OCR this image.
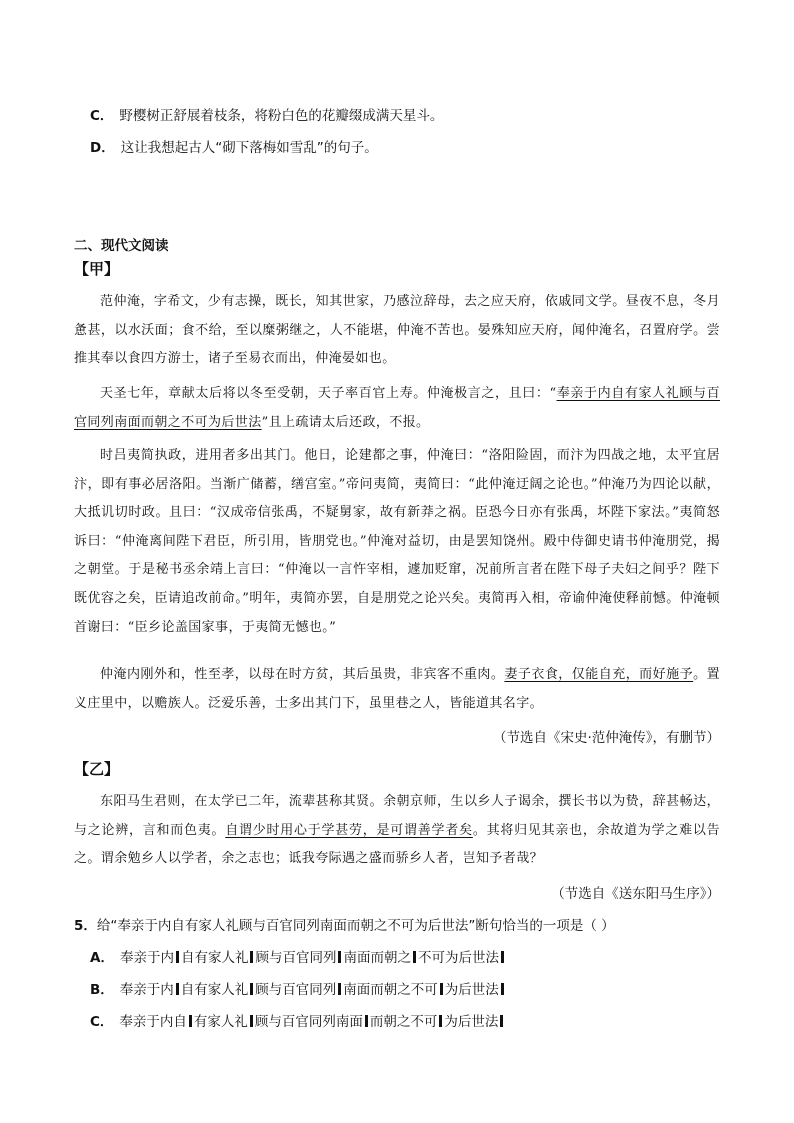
C． 野樱树正舒展着枝条，将粉白色的花瓣缀成满天星斗。

D． 这让我想起古人“砌下落梅如雪乱”的句子。

二、现代文阅读

【甲】

范仲淹，字希文，少有志操，既长，知其世家，乃感泣辞母，去之应天府，依戚同文学。昼夜不息，冬月惫甚，以水沃面；食不给，至以糜粥继之，人不能堪，仲淹不苦也。晏殊知应天府，闻仲淹名，召置府学。尝推其奉以食四方游士，诸子至易衣而出，仲淹晏如也。

天圣七年，章献太后将以冬至受朝，天子率百官上寿。仲淹极言之，且曰：“奉亲于内自有家人礼顾与百官同列南面而朝之不可为后世法”且上疏请太后还政，不报。

时吕夷简执政，进用者多出其门。他日，论建都之事，仲淹曰：“洛阳险固，而汴为四战之地，太平宜居汴，即有事必居洛阳。当渐广储蓄，缮宫室。”帝问夷简，夷简曰：“此仲淹迂阔之论也。”仲淹乃为四论以献，大抵讥切时政。且曰：“汉成帝信张禹，不疑舅家，故有新莽之祸。臣恐今日亦有张禹，坏陛下家法。”夷简怒诉曰：“仲淹离间陛下君臣，所引用，皆朋党也。”仲淹对益切，由是罢知饶州。殿中侍御史请书仲淹朋党，揭之朝堂。于是秘书丞余靖上言曰：“仲淹以一言忤宰相，遽加贬窜，况前所言者在陛下母子夫妇之间乎？陛下既优容之矣，臣请追改前命。”明年，夷简亦罢，自是朋党之论兴矣。夷简再入相，帝谕仲淹使释前憾。仲淹顿首谢曰：“臣乡论盖国家事，于夷简无憾也。”

仲淹内刚外和，性至孝，以母在时方贫，其后虽贵，非宾客不重肉。妻子衣食，仅能自充，而好施予。置义庄里中，以赡族人。泛爱乐善，士多出其门下，虽里巷之人，皆能道其名字。

（节选自《宋史·范仲淹传》，有删节）

【乙】

东阳马生君则，在太学已二年，流辈甚称其贤。余朝京师，生以乡人子谒余，撰长书以为贽，辞甚畅达，与之论辨，言和而色夷。自谓少时用心于学甚劳，是可谓善学者矣。其将归见其亲也，余故道为学之难以告之。谓余勉乡人以学者，余之志也；诋我夸际遇之盛而骄乡人者，岂知予者哉？

（节选自《送东阳马生序》）

5．给“奉亲于内自有家人礼顾与百官同列南面而朝之不可为后世法”断句恰当的一项是（ ）

A． 奉亲于内 自有家人礼 顾与百官同列 南面而朝之 不可为后世法

B． 奉亲于内 自有家人礼 顾与百官同列 南面而朝之不可 为后世法

C． 奉亲于内自 有家人礼 顾与百官同列南面 而朝之不可 为后世法
